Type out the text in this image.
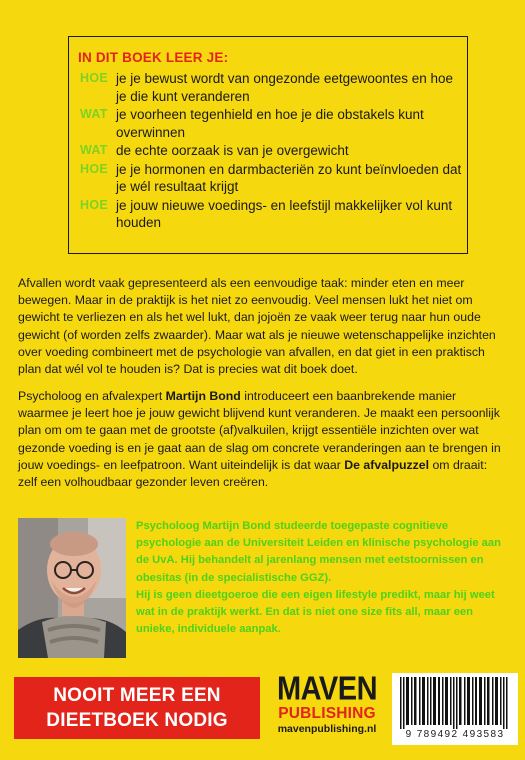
IN DIT BOEK LEER JE:
HOE je je bewust wordt van ongezonde eetgewoontes en hoe je die kunt veranderen
WAT je voorheen tegenhield en hoe je die obstakels kunt overwinnen
WAT de echte oorzaak is van je overgewicht
HOE je je hormonen en darmbacteriën zo kunt beïnvloeden dat je wél resultaat krijgt
HOE je jouw nieuwe voedings- en leefstijl makkelijker vol kunt houden

Afvallen wordt vaak gepresenteerd als een eenvoudige taak: minder eten en meer bewegen. Maar in de praktijk is het niet zo eenvoudig. Veel mensen lukt het niet om gewicht te verliezen en als het wel lukt, dan jojoën ze vaak weer terug naar hun oude gewicht (of worden zelfs zwaarder). Maar wat als je nieuwe wetenschappelijke inzichten over voeding combineert met de psychologie van afvallen, en dat giet in een praktisch plan dat wél vol te houden is? Dat is precies wat dit boek doet.

Psycholoog en afvalexpert Martijn Bond introduceert een baanbrekende manier waarmee je leert hoe je jouw gewicht blijvend kunt veranderen. Je maakt een persoonlijk plan om om te gaan met de grootste (af)valkuilen, krijgt essentiële inzichten over wat gezonde voeding is en je gaat aan de slag om concrete veranderingen aan te brengen in jouw voedings- en leefpatroon. Want uiteindelijk is dat waar De afvalpuzzel om draait: zelf een volhoudbaar gezonder leven creëren.

Psycholoog Martijn Bond studeerde toegepaste cognitieve psychologie aan de Universiteit Leiden en klinische psychologie aan de UvA. Hij behandelt al jarenlang mensen met eetstoornissen en obesitas (in de specialistische GGZ).

Hij is geen dieetgoeroe die een eigen lifestyle predikt, maar hij weet wat in de praktijk werkt. En dat is niet one size fits all, maar een unieke, individuele aanpak.

NOOIT MEER EEN
DIEETBOEK NODIG
MAVEN
PUBLISHING
mavenpublishing.nl	9 789492 493583
